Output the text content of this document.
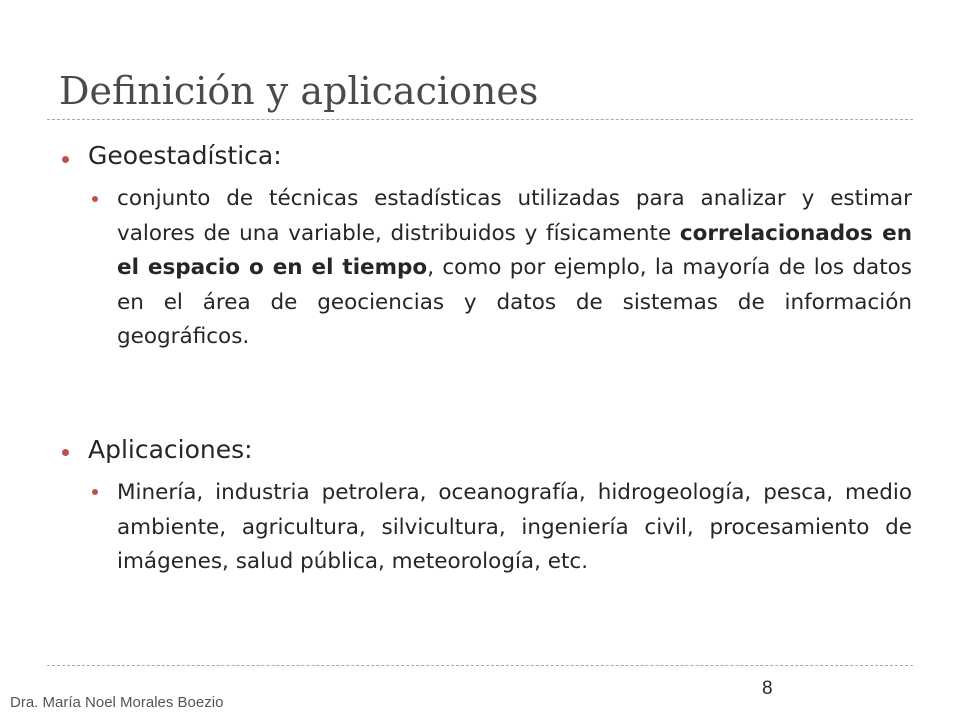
Definición y aplicaciones
Geoestadística:

conjunto de técnicas estadísticas utilizadas para analizar y estimar valores de una variable, distribuidos y físicamente correlacionados en el espacio o en el tiempo, como por ejemplo, la mayoría de los datos en el área de geociencias y datos de sistemas de información geográficos.

Aplicaciones:

Minería, industria petrolera, oceanografía, hidrogeología, pesca, medio ambiente, agricultura, silvicultura, ingeniería civil, procesamiento de imágenes, salud pública, meteorología, etc.

Dra. María Noel Morales Boezio
8
